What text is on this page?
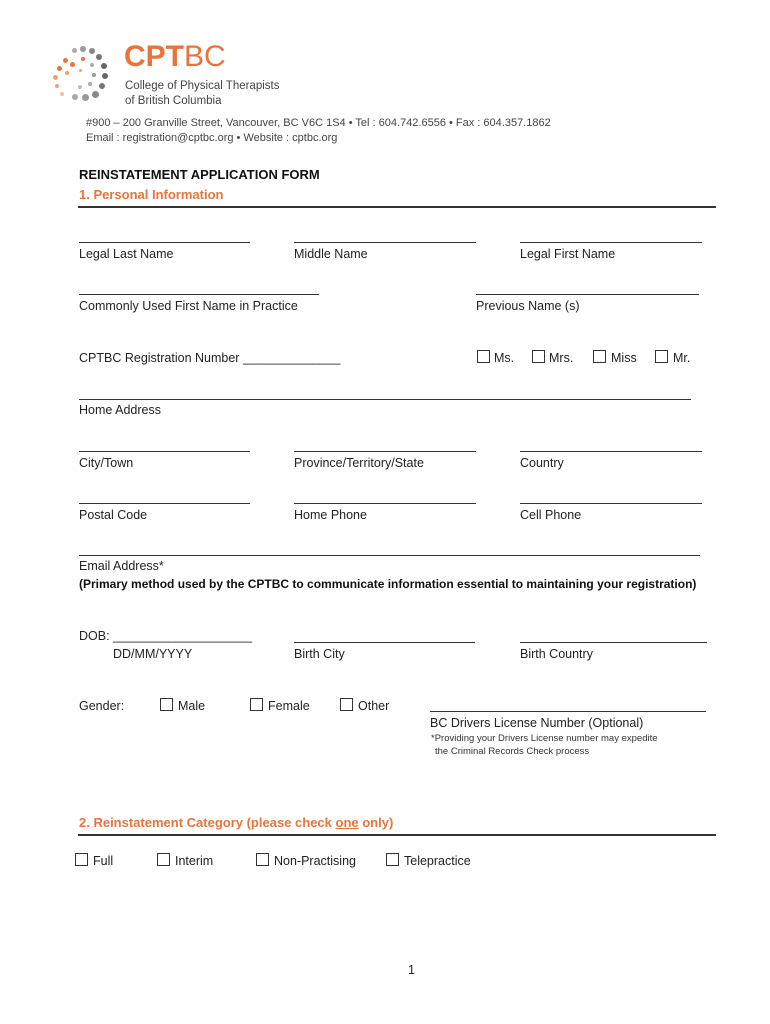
CPTBC
College of Physical Therapists
of British Columbia
#900 – 200 Granville Street, Vancouver, BC V6C 1S4 • Tel : 604.742.6556 • Fax : 604.357.1862
Email : registration@cptbc.org • Website : cptbc.org
REINSTATEMENT APPLICATION FORM
1. Personal Information
Legal Last Name	Middle Name	Legal First Name
Commonly Used First Name in Practice	Previous Name (s)
CPTBC Registration Number ______________	Ms.	Mrs.	Miss	Mr.
Home Address
City/Town	Province/Territory/State	Country
Postal Code	Home Phone	Cell Phone
Email Address*
(Primary method used by the CPTBC to communicate information essential to maintaining your registration)
DOB: ____________________
DD/MM/YYYY	Birth City	Birth Country
Gender:	Male	Female	Other
BC Drivers License Number (Optional)
*Providing your Drivers License number may expedite
the Criminal Records Check process
2. Reinstatement Category (please check one only)
Full	Interim	Non-Practising	Telepractice
1
